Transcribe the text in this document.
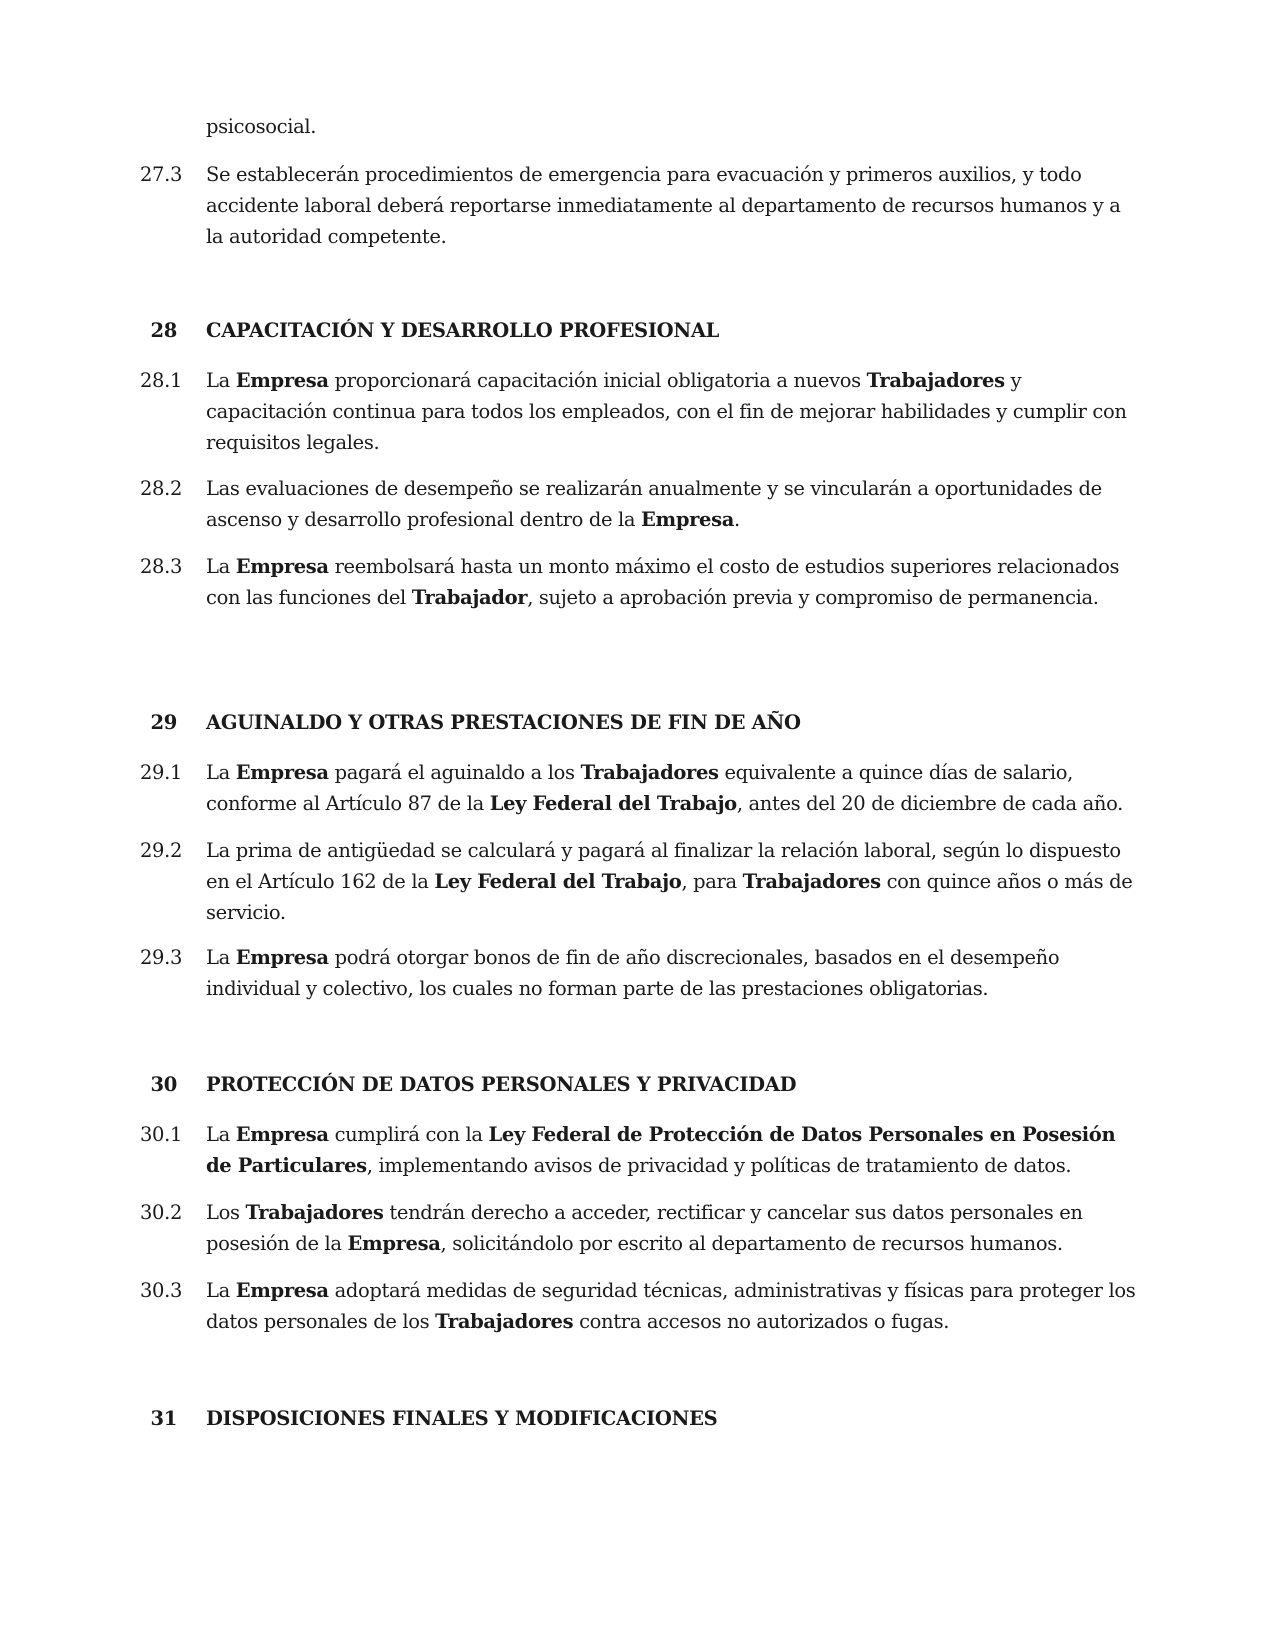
psicosocial.
27.3	Se establecerán procedimientos de emergencia para evacuación y primeros auxilios, y todo accidente laboral deberá reportarse inmediatamente al departamento de recursos humanos y a la autoridad competente.
28	CAPACITACIÓN Y DESARROLLO PROFESIONAL
28.1	La Empresa proporcionará capacitación inicial obligatoria a nuevos Trabajadores y capacitación continua para todos los empleados, con el fin de mejorar habilidades y cumplir con requisitos legales.
28.2	Las evaluaciones de desempeño se realizarán anualmente y se vincularán a oportunidades de ascenso y desarrollo profesional dentro de la Empresa.
28.3	La Empresa reembolsará hasta un monto máximo el costo de estudios superiores relacionados con las funciones del Trabajador, sujeto a aprobación previa y compromiso de permanencia.
29	AGUINALDO Y OTRAS PRESTACIONES DE FIN DE AÑO
29.1	La Empresa pagará el aguinaldo a los Trabajadores equivalente a quince días de salario, conforme al Artículo 87 de la Ley Federal del Trabajo, antes del 20 de diciembre de cada año.
29.2	La prima de antigüedad se calculará y pagará al finalizar la relación laboral, según lo dispuesto en el Artículo 162 de la Ley Federal del Trabajo, para Trabajadores con quince años o más de servicio.
29.3	La Empresa podrá otorgar bonos de fin de año discrecionales, basados en el desempeño individual y colectivo, los cuales no forman parte de las prestaciones obligatorias.
30	PROTECCIÓN DE DATOS PERSONALES Y PRIVACIDAD
30.1	La Empresa cumplirá con la Ley Federal de Protección de Datos Personales en Posesión de Particulares, implementando avisos de privacidad y políticas de tratamiento de datos.
30.2	Los Trabajadores tendrán derecho a acceder, rectificar y cancelar sus datos personales en posesión de la Empresa, solicitándolo por escrito al departamento de recursos humanos.
30.3	La Empresa adoptará medidas de seguridad técnicas, administrativas y físicas para proteger los datos personales de los Trabajadores contra accesos no autorizados o fugas.
31	DISPOSICIONES FINALES Y MODIFICACIONES
